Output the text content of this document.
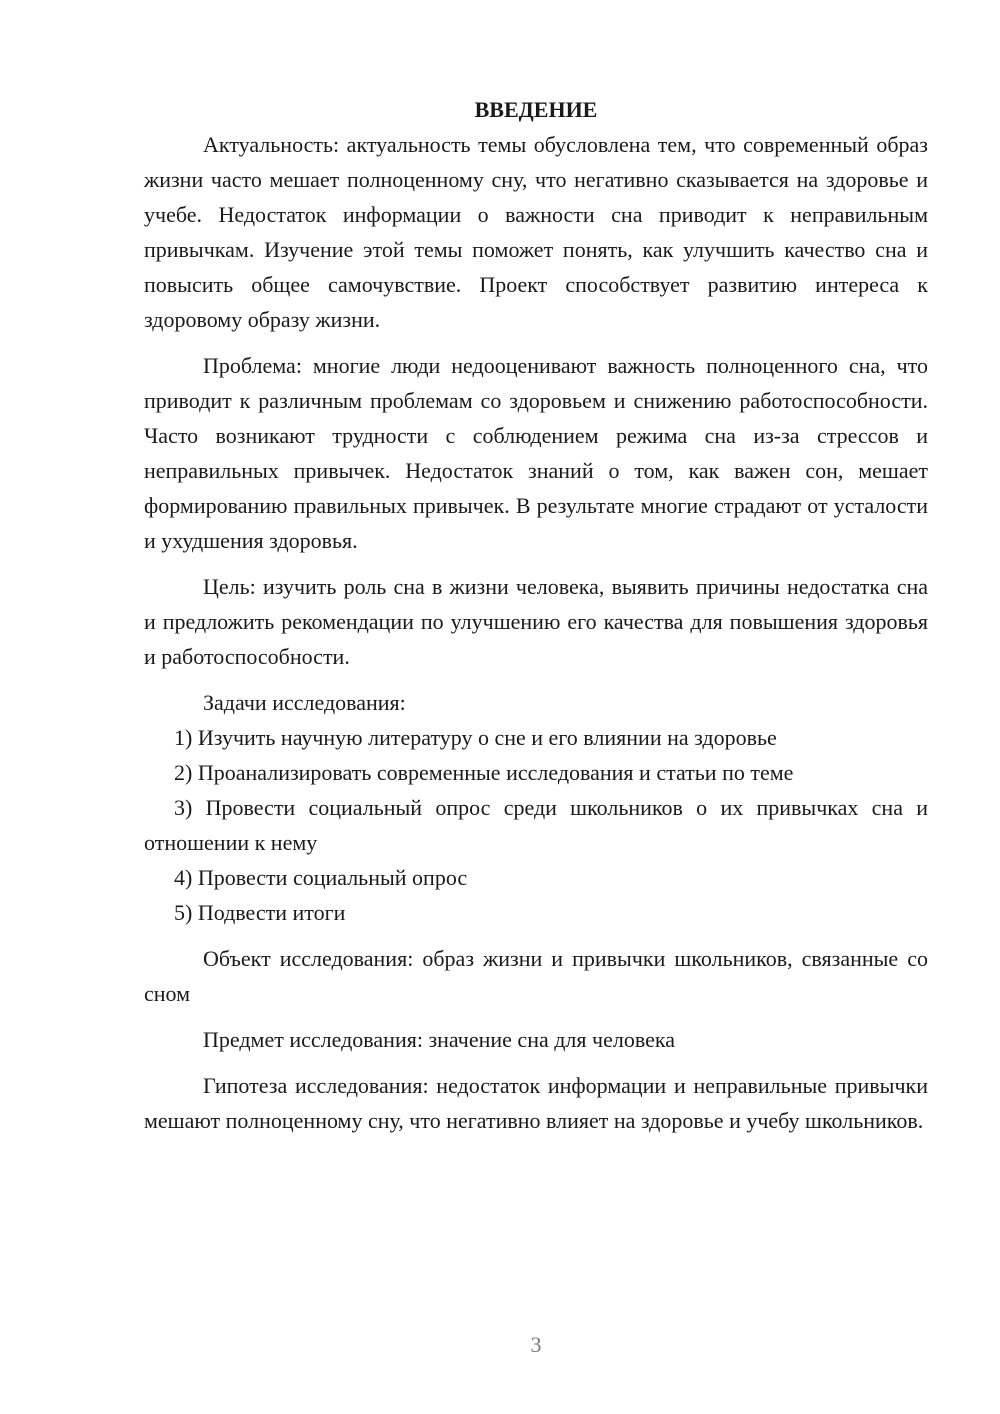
ВВЕДЕНИЕ

Актуальность: актуальность темы обусловлена тем, что современный образ жизни часто мешает полноценному сну, что негативно сказывается на здоровье и учебе. Недостаток информации о важности сна приводит к неправильным привычкам. Изучение этой темы поможет понять, как улучшить качество сна и повысить общее самочувствие. Проект способствует развитию интереса к здоровому образу жизни.

Проблема: многие люди недооценивают важность полноценного сна, что приводит к различным проблемам со здоровьем и снижению работоспособности. Часто возникают трудности с соблюдением режима сна из-за стрессов и неправильных привычек. Недостаток знаний о том, как важен сон, мешает формированию правильных привычек. В результате многие страдают от усталости и ухудшения здоровья.

Цель: изучить роль сна в жизни человека, выявить причины недостатка сна и предложить рекомендации по улучшению его качества для повышения здоровья и работоспособности.

Задачи исследования:

1) Изучить научную литературу о сне и его влиянии на здоровье

2) Проанализировать современные исследования и статьи по теме

3) Провести социальный опрос среди школьников о их привычках сна и отношении к нему

4) Провести социальный опрос

5) Подвести итоги

Объект исследования: образ жизни и привычки школьников, связанные со сном

Предмет исследования: значение сна для человека

Гипотеза исследования: недостаток информации и неправильные привычки мешают полноценному сну, что негативно влияет на здоровье и учебу школьников.

3
